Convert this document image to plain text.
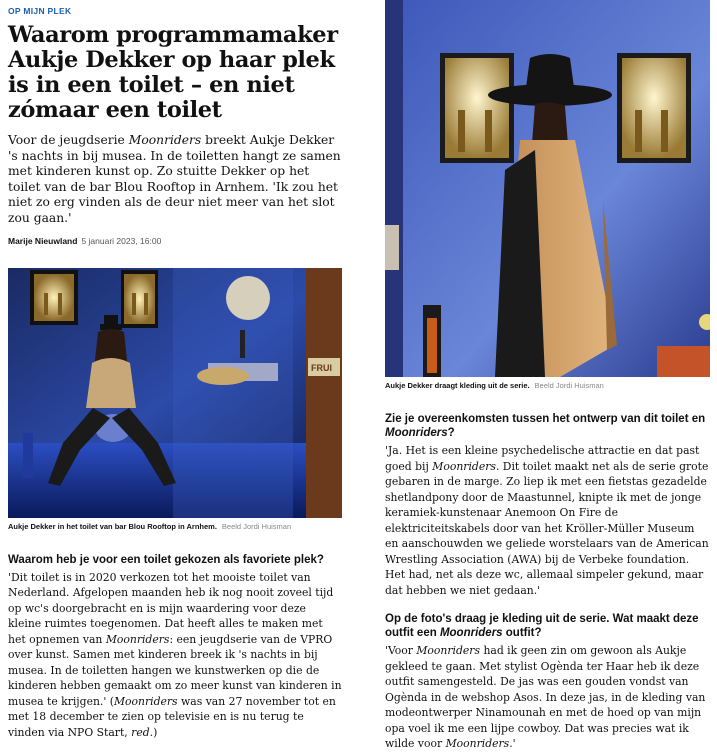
OP MIJN PLEK
Waarom programmamaker Aukje Dekker op haar plek is in een toilet – en niet zómaar een toilet
Voor de jeugdserie Moonriders breekt Aukje Dekker 's nachts in bij musea. In de toiletten hangt ze samen met kinderen kunst op. Zo stuitte Dekker op het toilet van de bar Blou Rooftop in Arnhem. 'Ik zou het niet zo erg vinden als de deur niet meer van het slot zou gaan.'
Marije Nieuwland 5 januari 2023, 16:00
FRUI
Aukje Dekker in het toilet van bar Blou Rooftop in Arnhem. Beeld Jordi Huisman
Waarom heb je voor een toilet gekozen als favoriete plek?

'Dit toilet is in 2020 verkozen tot het mooiste toilet van Nederland. Afgelopen maanden heb ik nog nooit zoveel tijd op wc's doorgebracht en is mijn waardering voor deze kleine ruimtes toegenomen. Dat heeft alles te maken met het opnemen van Moonriders: een jeugdserie van de VPRO over kunst. Samen met kinderen breek ik 's nachts in bij musea. In de toiletten hangen we kunstwerken op die de kinderen hebben gemaakt om zo meer kunst van kinderen in musea te krijgen.' (Moonriders was van 27 november tot en met 18 december te zien op televisie en is nu terug te vinden via NPO Start, red.)

Aukje Dekker draagt kleding uit de serie. Beeld Jordi Huisman
Zie je overeenkomsten tussen het ontwerp van dit toilet en Moonriders?

'Ja. Het is een kleine psychedelische attractie en dat past goed bij Moonriders. Dit toilet maakt net als de serie grote gebaren in de marge. Zo liep ik met een fietstas gezadelde shetlandpony door de Maastunnel, knipte ik met de jonge keramiek-kunstenaar Anemoon On Fire de elektriciteitskabels door van het Kröller-Müller Museum en aanschouwden we geliede worstelaars van de American Wrestling Association (AWA) bij de Verbeke foundation. Het had, net als deze wc, allemaal simpeler gekund, maar dat hebben we niet gedaan.'

Op de foto's draag je kleding uit de serie. Wat maakt deze outfit een Moonriders outfit?

'Voor Moonriders had ik geen zin om gewoon als Aukje gekleed te gaan. Met stylist Ogènda ter Haar heb ik deze outfit samengesteld. De jas was een gouden vondst van Ogènda in de webshop Asos. In deze jas, in de kleding van modeontwerper Ninamounah en met de hoed op van mijn opa voel ik me een lijpe cowboy. Dat was precies wat ik wilde voor Moonriders.'
